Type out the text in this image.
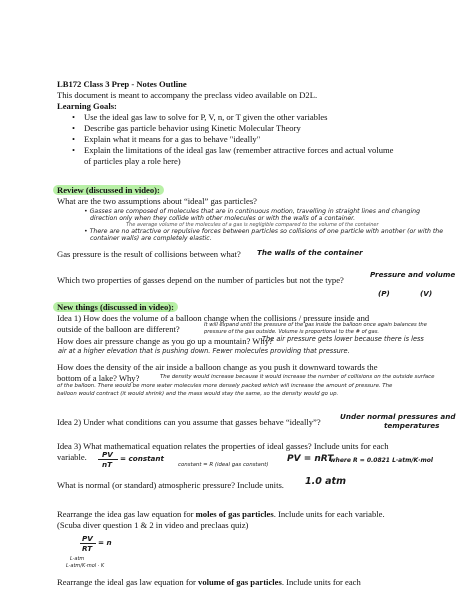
LB172 Class 3 Prep - Notes Outline
This document is meant to accompany the preclass video available on D2L.
Learning Goals:
• Use the ideal gas law to solve for P, V, n, or T given the other variables
• Describe gas particle behavior using Kinetic Molecular Theory
• Explain what it means for a gas to behave "ideally"
• Explain the limitations of the ideal gas law (remember attractive forces and actual volume
of particles play a role here)
Review (discussed in video):
What are the two assumptions about “ideal” gas particles?
• Gasses are composed of molecules that are in continuous motion, travelling in straight lines and changing
direction only when they collide with other molecules or with the walls of a container.
The average volume of the molecules of a gas is negligible compared to the volume of the container
• There are no attractive or repulsive forces between particles so collisions of one particle with another (or with the
container walls) are completely elastic.
Gas pressure is the result of collisions between what? The walls of the container
Which two properties of gasses depend on the number of particles but not the type?
Pressure and volume
(P)	(V)
New things (discussed in video):
Idea 1) How does the volume of a balloon change when the collisions / pressure inside and
outside of the balloon are different?	It will expand until the pressure of the gas inside the balloon once again balances the
pressure of the gas outside. Volume is proportional to the # of gas.
How does air pressure change as you go up a mountain? Why?
The air pressure gets lower because there is less
air at a higher elevation that is pushing down. Fewer molecules providing that pressure.
How does the density of the air inside a balloon change as you push it downward towards the
bottom of a lake? Why?	The density would increase because it would increase the number of collisions on the outside surface
of the balloon. There would be more water molecules more densely packed which will increase the amount of pressure. The
balloon would contract (it would shrink) and the mass would stay the same, so the density would go up.
Idea 2) Under what conditions can you assume that gasses behave “ideally”?
Under normal pressures and
temperatures
Idea 3) What mathematical equation relates the properties of ideal gasses? Include units for each
variable. PV
nT
= constant
constant = R (ideal gas constant)
PV = nRT
where R = 0.0821 L·atm/K·mol
What is normal (or standard) atmospheric pressure? Include units. 1.0 atm
Rearrange the idea gas law equation for moles of gas particles. Include units for each variable.
(Scuba diver question 1 & 2 in video and preclaas quiz)
PV
RT
= n
L·atm
L·atm/K·mol · K
Rearrange the ideal gas law equation for volume of gas particles. Include units for each
